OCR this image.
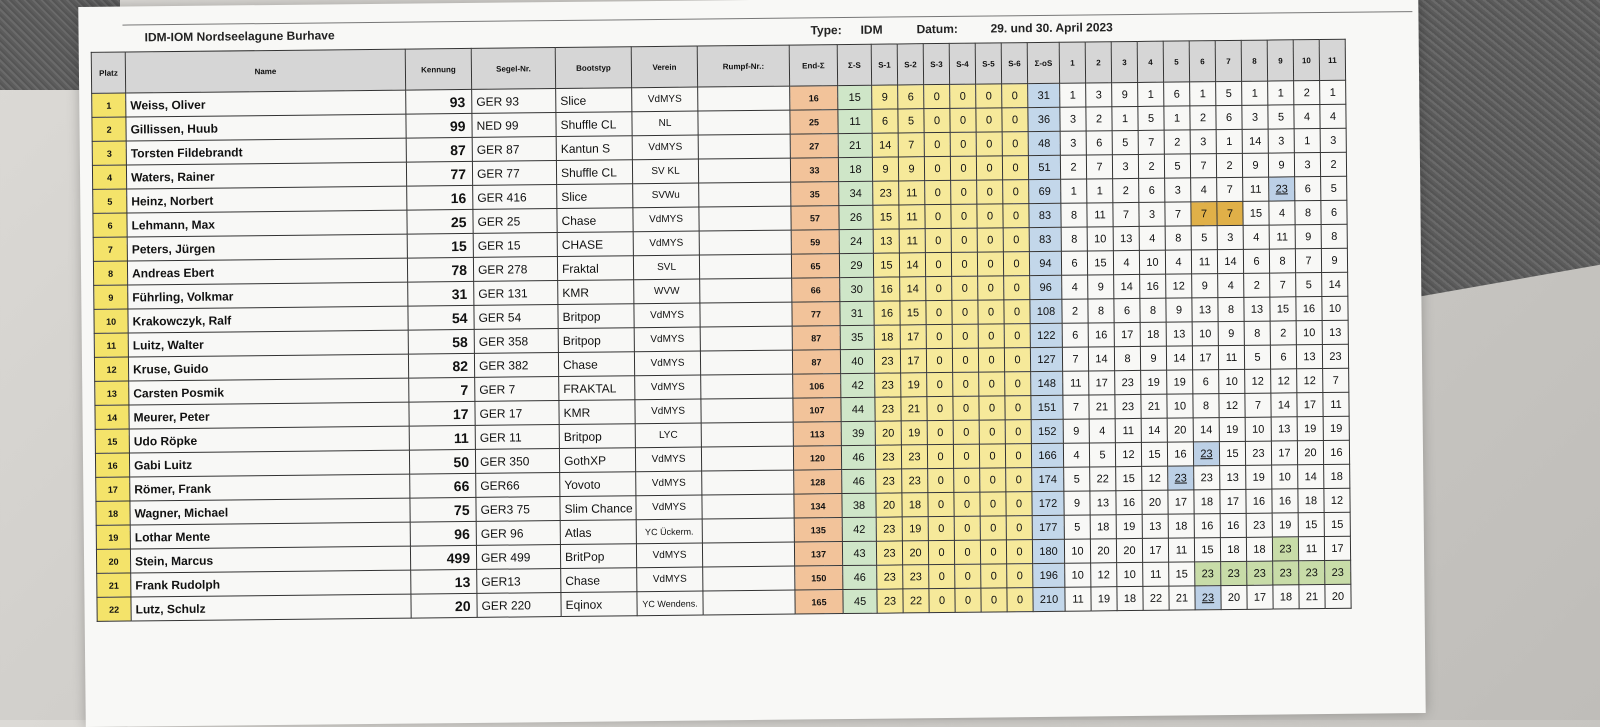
IDM-IOM Nordseelagune Burhave	Type: IDM	Datum:	29. und 30. April 2023
Platz	Name	Kennung	Segel-Nr.	Bootstyp	Verein	Rumpf-Nr.:	End-Σ	Σ-S	S-1	S-2	S-3	S-4	S-5	S-6	Σ-oS	1	2	3	4	5	6	7	8	9	10	11
1	Weiss, Oliver	93	GER 93	Slice	VdMYS		16	15	9	6	0	0	0	0	31	1	3	9	1	6	1	5	1	1	2	1
2	Gillissen, Huub	99	NED 99	Shuffle CL	NL		25	11	6	5	0	0	0	0	36	3	2	1	5	1	2	6	3	5	4	4
3	Torsten Fildebrandt	87	GER 87	Kantun S	VdMYS		27	21	14	7	0	0	0	0	48	3	6	5	7	2	3	1	14	3	1	3
4	Waters, Rainer	77	GER 77	Shuffle CL	SV KL		33	18	9	9	0	0	0	0	51	2	7	3	2	5	7	2	9	9	3	2
5	Heinz, Norbert	16	GER 416	Slice	SVWu		35	34	23	11	0	0	0	0	69	1	1	2	6	3	4	7	11	23	6	5
6	Lehmann, Max	25	GER 25	Chase	VdMYS		57	26	15	11	0	0	0	0	83	8	11	7	3	7	7	7	15	4	8	6
7	Peters, Jürgen	15	GER 15	CHASE	VdMYS		59	24	13	11	0	0	0	0	83	8	10	13	4	8	5	3	4	11	9	8
8	Andreas Ebert	78	GER 278	Fraktal	SVL		65	29	15	14	0	0	0	0	94	6	15	4	10	4	11	14	6	8	7	9
9	Führling, Volkmar	31	GER 131	KMR	WVW		66	30	16	14	0	0	0	0	96	4	9	14	16	12	9	4	2	7	5	14
10	Krakowczyk, Ralf	54	GER 54	Britpop	VdMYS		77	31	16	15	0	0	0	0	108	2	8	6	8	9	13	8	13	15	16	10
11	Luitz, Walter	58	GER 358	Britpop	VdMYS		87	35	18	17	0	0	0	0	122	6	16	17	18	13	10	9	8	2	10	13
12	Kruse, Guido	82	GER 382	Chase	VdMYS		87	40	23	17	0	0	0	0	127	7	14	8	9	14	17	11	5	6	13	23
13	Carsten Posmik	7	GER 7	FRAKTAL	VdMYS		106	42	23	19	0	0	0	0	148	11	17	23	19	19	6	10	12	12	12	7
14	Meurer, Peter	17	GER 17	KMR	VdMYS		107	44	23	21	0	0	0	0	151	7	21	23	21	10	8	12	7	14	17	11
15	Udo Röpke	11	GER 11	Britpop	LYC		113	39	20	19	0	0	0	0	152	9	4	11	14	20	14	19	10	13	19	19
16	Gabi Luitz	50	GER 350	GothXP	VdMYS		120	46	23	23	0	0	0	0	166	4	5	12	15	16	23	15	23	17	20	16
17	Römer, Frank	66	GER66	Yovoto	VdMYS		128	46	23	23	0	0	0	0	174	5	22	15	12	23	23	13	19	10	14	18
18	Wagner, Michael	75	GER3 75	Slim Chance	VdMYS		134	38	20	18	0	0	0	0	172	9	13	16	20	17	18	17	16	16	18	12
19	Lothar Mente	96	GER 96	Atlas	YC Ückerm.		135	42	23	19	0	0	0	0	177	5	18	19	13	18	16	16	23	19	15	15
20	Stein, Marcus	499	GER 499	BritPop	VdMYS		137	43	23	20	0	0	0	0	180	10	20	20	17	11	15	18	18	23	11	17
21	Frank Rudolph	13	GER13	Chase	VdMYS		150	46	23	23	0	0	0	0	196	10	12	10	11	15	23	23	23	23	23	23
22	Lutz, Schulz	20	GER 220	Eqinox	YC Wendens.		165	45	23	22	0	0	0	0	210	11	19	18	22	21	23	20	17	18	21	20
